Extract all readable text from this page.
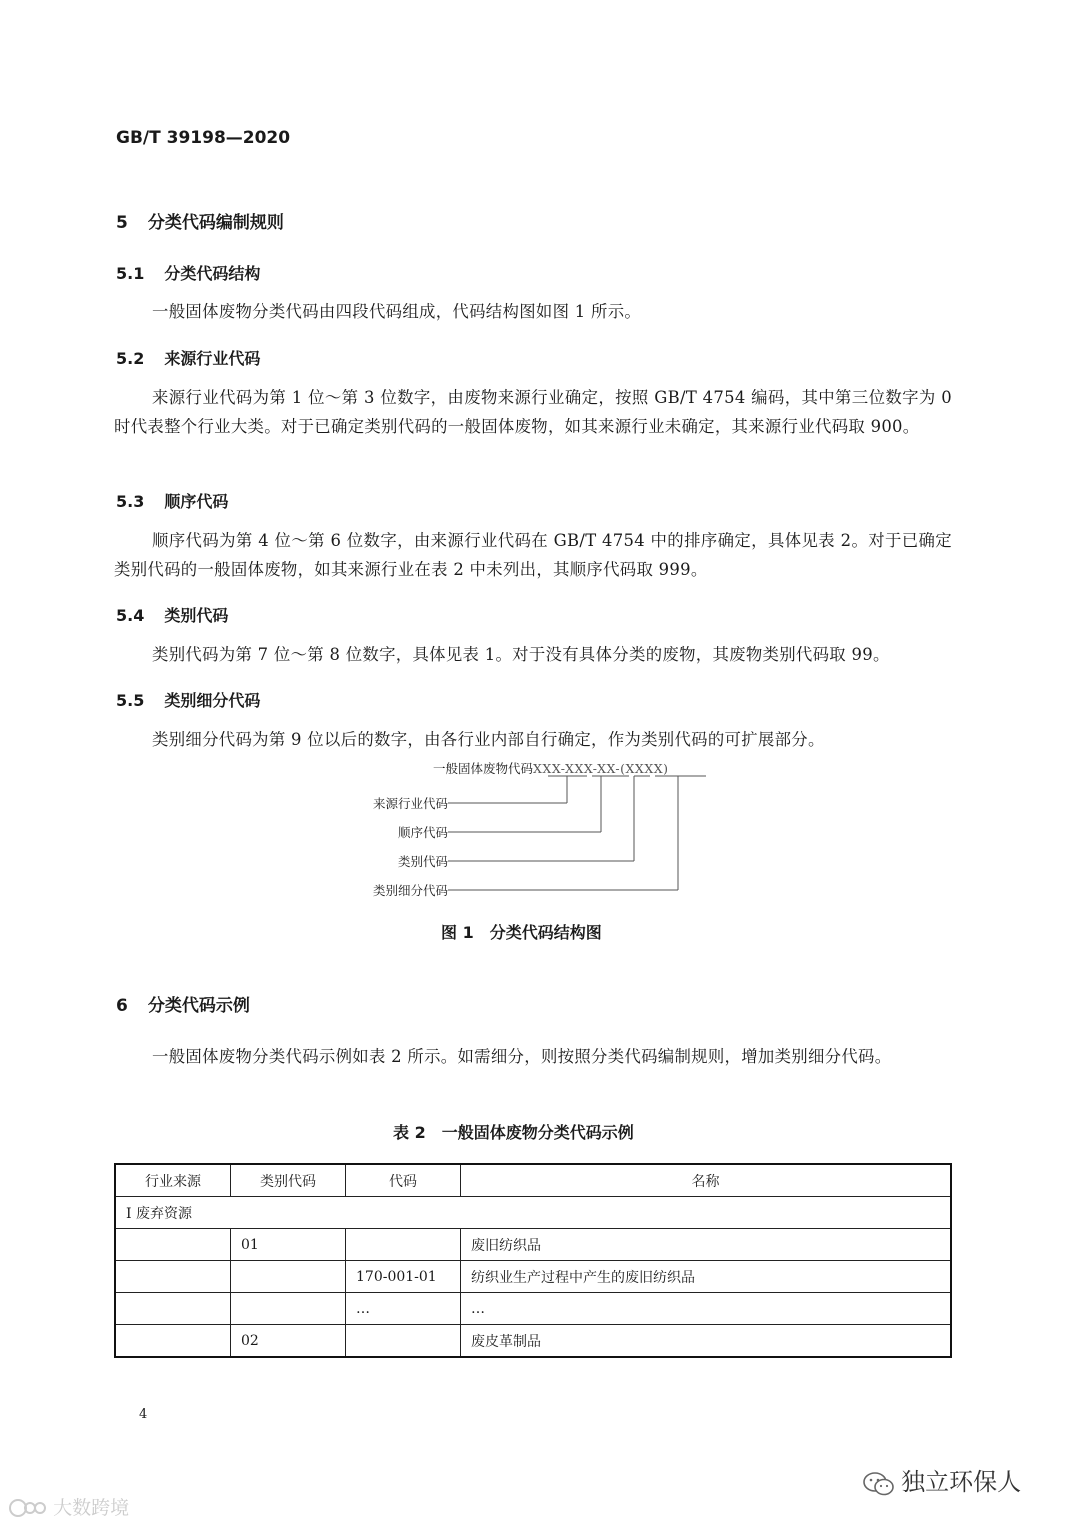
GB/T 39198—2020
5 分类代码编制规则
5.1 分类代码结构
一般固体废物分类代码由四段代码组成，代码结构图如图 1 所示。
5.2 来源行业代码
来源行业代码为第 1 位～第 3 位数字，由废物来源行业确定，按照 GB/T 4754 编码，其中第三位数字为 0 时代表整个行业大类。对于已确定类别代码的一般固体废物，如其来源行业未确定，其来源行业代码取 900。
5.3 顺序代码
顺序代码为第 4 位～第 6 位数字，由来源行业代码在 GB/T 4754 中的排序确定，具体见表 2。对于已确定类别代码的一般固体废物，如其来源行业在表 2 中未列出，其顺序代码取 999。
5.4 类别代码
类别代码为第 7 位～第 8 位数字，具体见表 1。对于没有具体分类的废物，其废物类别代码取 99。
5.5 类别细分代码
类别细分代码为第 9 位以后的数字，由各行业内部自行确定，作为类别代码的可扩展部分。
一般固体废物代码XXX-XXX-XX-(XXXX)
来源行业代码
顺序代码
类别代码
类别细分代码
图 1　分类代码结构图
6 分类代码示例
一般固体废物分类代码示例如表 2 所示。如需细分，则按照分类代码编制规则，增加类别细分代码。
表 2　一般固体废物分类代码示例
行业来源	类别代码	代码	名称
Ⅰ 废弃资源			
	01		废旧纺织品
		170-001-01	纺织业生产过程中产生的废旧纺织品
		…	…
	02		废皮革制品
4
独立环保人
大数跨境
